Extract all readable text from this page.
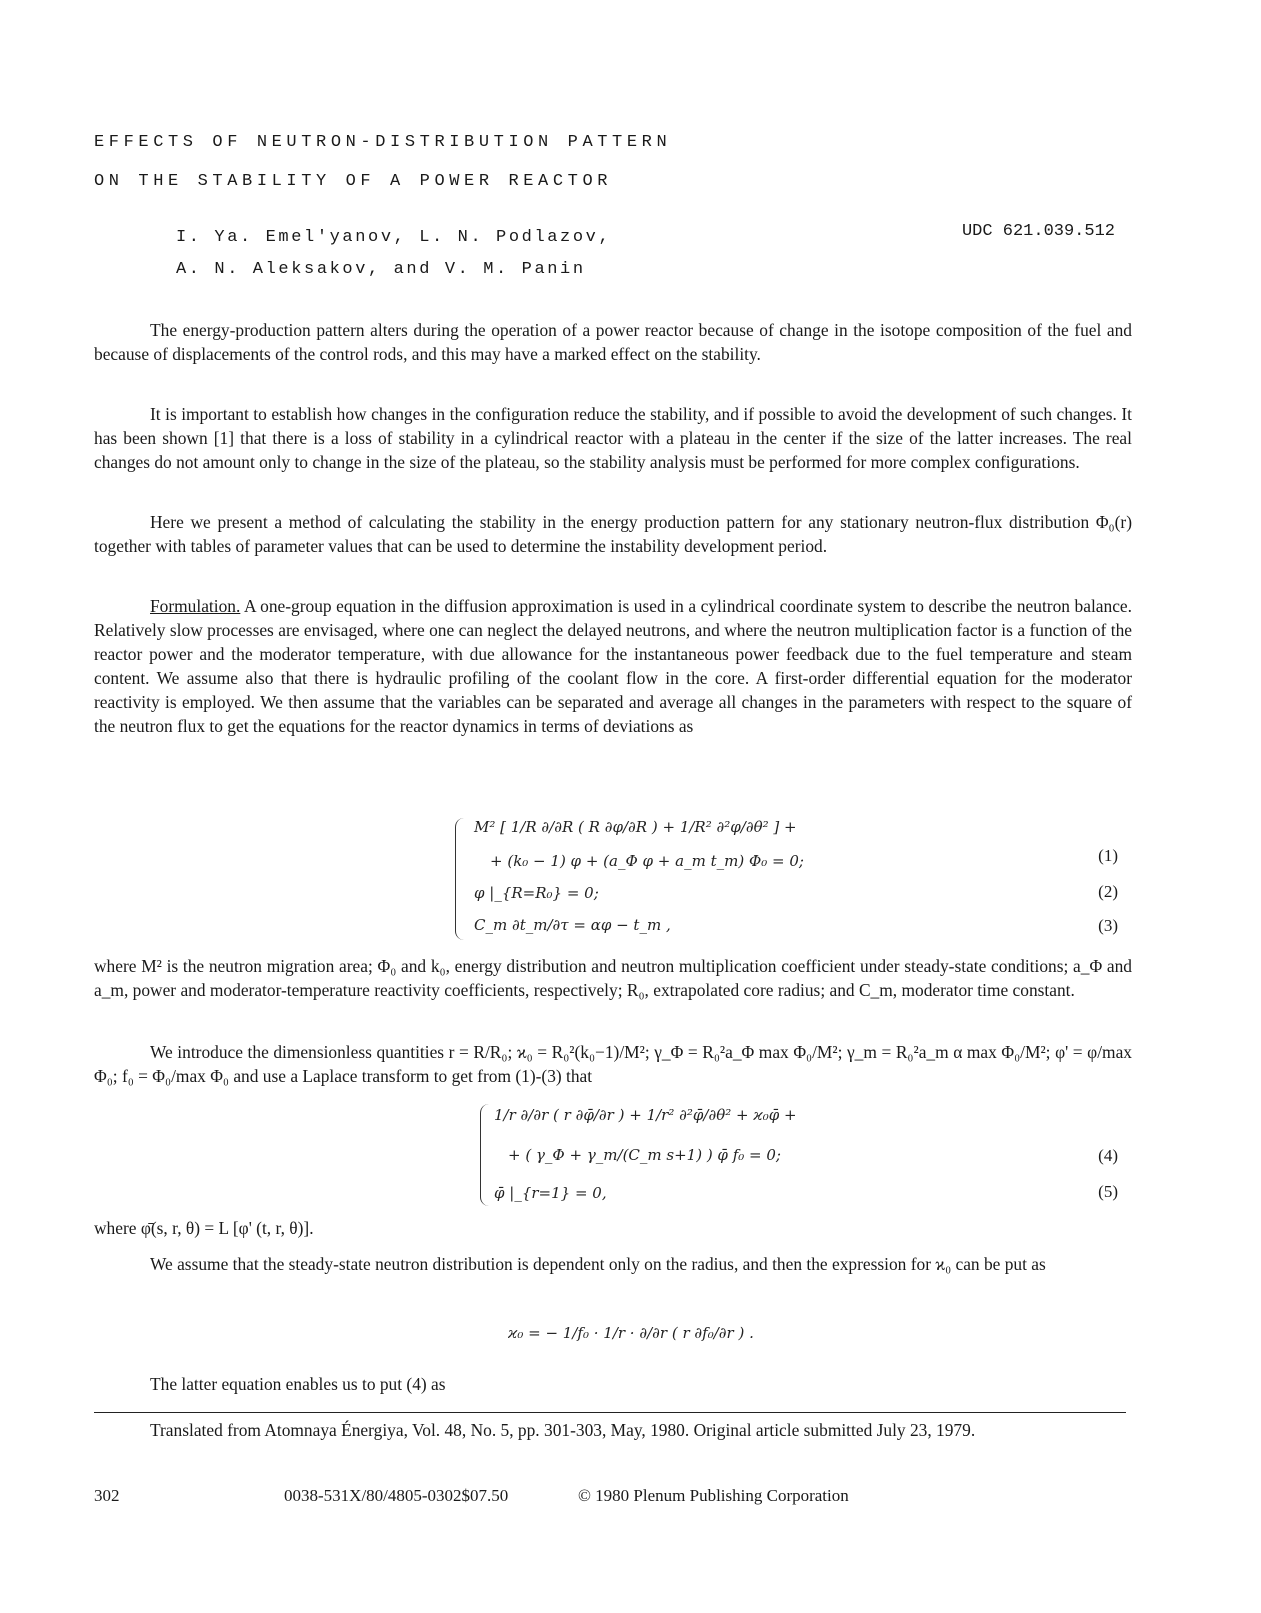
EFFECTS OF NEUTRON-DISTRIBUTION PATTERN
ON THE STABILITY OF A POWER REACTOR
I. Ya. Emel'yanov, L. N. Podlazov,
A. N. Aleksakov, and V. M. Panin
UDC 621.039.512

The energy-production pattern alters during the operation of a power reactor because of change in the isotope composition of the fuel and because of displacements of the control rods, and this may have a marked effect on the stability.

It is important to establish how changes in the configuration reduce the stability, and if possible to avoid the development of such changes. It has been shown [1] that there is a loss of stability in a cylindrical reactor with a plateau in the center if the size of the latter increases. The real changes do not amount only to change in the size of the plateau, so the stability analysis must be performed for more complex configurations.

Here we present a method of calculating the stability in the energy production pattern for any stationary neutron-flux distribution Φ₀(r) together with tables of parameter values that can be used to determine the instability development period.

Formulation. A one-group equation in the diffusion approximation is used in a cylindrical coordinate system to describe the neutron balance. Relatively slow processes are envisaged, where one can neglect the delayed neutrons, and where the neutron multiplication factor is a function of the reactor power and the moderator temperature, with due allowance for the instantaneous power feedback due to the fuel temperature and steam content. We assume also that there is hydraulic profiling of the coolant flow in the core. A first-order differential equation for the moderator reactivity is employed. We then assume that the variables can be separated and average all changes in the parameters with respect to the square of the neutron flux to get the equations for the reactor dynamics in terms of deviations as

M² [ 1/R ∂/∂R ( R ∂φ/∂R ) + 1/R² ∂²φ/∂θ² ] +
+ (k₀ − 1) φ + (a_Φ φ + a_m t_m) Φ₀ = 0;
φ |_{R=R₀} = 0;
C_m ∂t_m/∂τ = αφ − t_m ,
(1)
(2)
(3)

where M² is the neutron migration area; Φ₀ and k₀, energy distribution and neutron multiplication coefficient under steady-state conditions; a_Φ and a_m, power and moderator-temperature reactivity coefficients, respectively; R₀, extrapolated core radius; and C_m, moderator time constant.

We introduce the dimensionless quantities r = R/R₀; ϰ₀ = R₀²(k₀−1)/M²; γ_Φ = R₀²a_Φ max Φ₀/M²; γ_m = R₀²a_m α max Φ₀/M²; φ' = φ/max Φ₀; f₀ = Φ₀/max Φ₀ and use a Laplace transform to get from (1)-(3) that

1/r ∂/∂r ( r ∂φ̄/∂r ) + 1/r² ∂²φ̄/∂θ² + ϰ₀φ̄ +
+ ( γ_Φ + γ_m/(C_m s+1) ) φ̄ f₀ = 0;
φ̄ |_{r=1} = 0,
(4)
(5)

where φ̄(s, r, θ) = L [φ' (t, r, θ)].

We assume that the steady-state neutron distribution is dependent only on the radius, and then the expression for ϰ₀ can be put as

ϰ₀ = − 1/f₀ · 1/r · ∂/∂r ( r ∂f₀/∂r ) .

The latter equation enables us to put (4) as

Translated from Atomnaya Énergiya, Vol. 48, No. 5, pp. 301-303, May, 1980. Original article submitted July 23, 1979.
302	0038-531X/80/4805-0302$07.50	© 1980 Plenum Publishing Corporation
